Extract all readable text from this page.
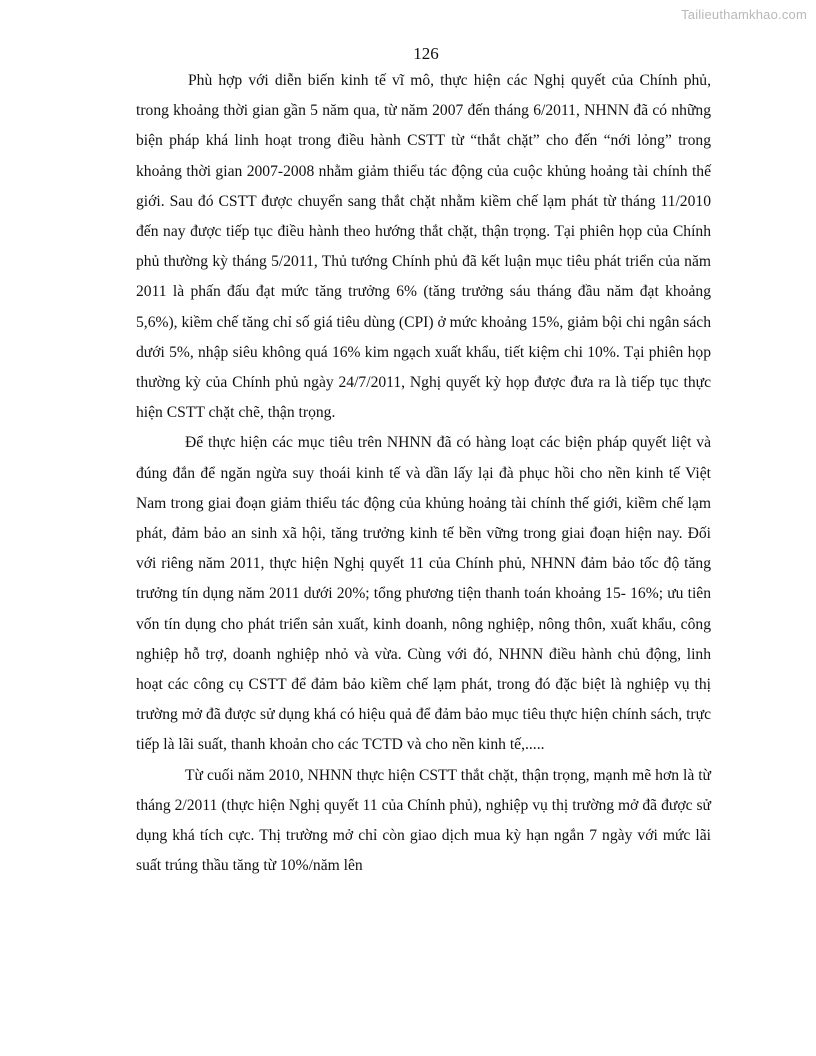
Tailieuthamkhao.com
126

Phù hợp với diễn biến kinh tế vĩ mô, thực hiện các Nghị quyết của Chính phủ, trong khoảng thời gian gần 5 năm qua, từ năm 2007 đến tháng 6/2011, NHNN đã có những biện pháp khá linh hoạt trong điều hành CSTT từ “thắt chặt” cho đến “nới lỏng” trong khoảng thời gian 2007-2008 nhằm giảm thiểu tác động của cuộc khủng hoảng tài chính thế giới. Sau đó CSTT được chuyển sang thắt chặt nhằm kiềm chế lạm phát từ tháng 11/2010 đến nay được tiếp tục điều hành theo hướng thắt chặt, thận trọng. Tại phiên họp của Chính phủ thường kỳ tháng 5/2011, Thủ tướng Chính phủ đã kết luận mục tiêu phát triển của năm 2011 là phấn đấu đạt mức tăng trưởng 6% (tăng trưởng sáu tháng đầu năm đạt khoảng 5,6%), kiềm chế tăng chỉ số giá tiêu dùng (CPI) ở mức khoảng 15%, giảm bội chi ngân sách dưới 5%, nhập siêu không quá 16% kim ngạch xuất khẩu, tiết kiệm chi 10%. Tại phiên họp thường kỳ của Chính phủ ngày 24/7/2011, Nghị quyết kỳ họp được đưa ra là tiếp tục thực hiện CSTT chặt chẽ, thận trọng.

Để thực hiện các mục tiêu trên NHNN đã có hàng loạt các biện pháp quyết liệt và đúng đắn để ngăn ngừa suy thoái kinh tế và dần lấy lại đà phục hồi cho nền kinh tế Việt Nam trong giai đoạn giảm thiểu tác động của khủng hoảng tài chính thế giới, kiềm chế lạm phát, đảm bảo an sinh xã hội, tăng trưởng kinh tế bền vững trong giai đoạn hiện nay. Đối với riêng năm 2011, thực hiện Nghị quyết 11 của Chính phủ, NHNN đảm bảo tốc độ tăng trưởng tín dụng năm 2011 dưới 20%; tổng phương tiện thanh toán khoảng 15- 16%; ưu tiên vốn tín dụng cho phát triển sản xuất, kinh doanh, nông nghiệp, nông thôn, xuất khẩu, công nghiệp hỗ trợ, doanh nghiệp nhỏ và vừa. Cùng với đó, NHNN điều hành chủ động, linh hoạt các công cụ CSTT để đảm bảo kiềm chế lạm phát, trong đó đặc biệt là nghiệp vụ thị trường mở đã được sử dụng khá có hiệu quả để đảm bảo mục tiêu thực hiện chính sách, trực tiếp là lãi suất, thanh khoản cho các TCTD và cho nền kinh tế,.....

Từ cuối năm 2010, NHNN thực hiện CSTT thắt chặt, thận trọng, mạnh mẽ hơn là từ tháng 2/2011 (thực hiện Nghị quyết 11 của Chính phủ), nghiệp vụ thị trường mở đã được sử dụng khá tích cực. Thị trường mở chỉ còn giao dịch mua kỳ hạn ngắn 7 ngày với mức lãi suất trúng thầu tăng từ 10%/năm lên
